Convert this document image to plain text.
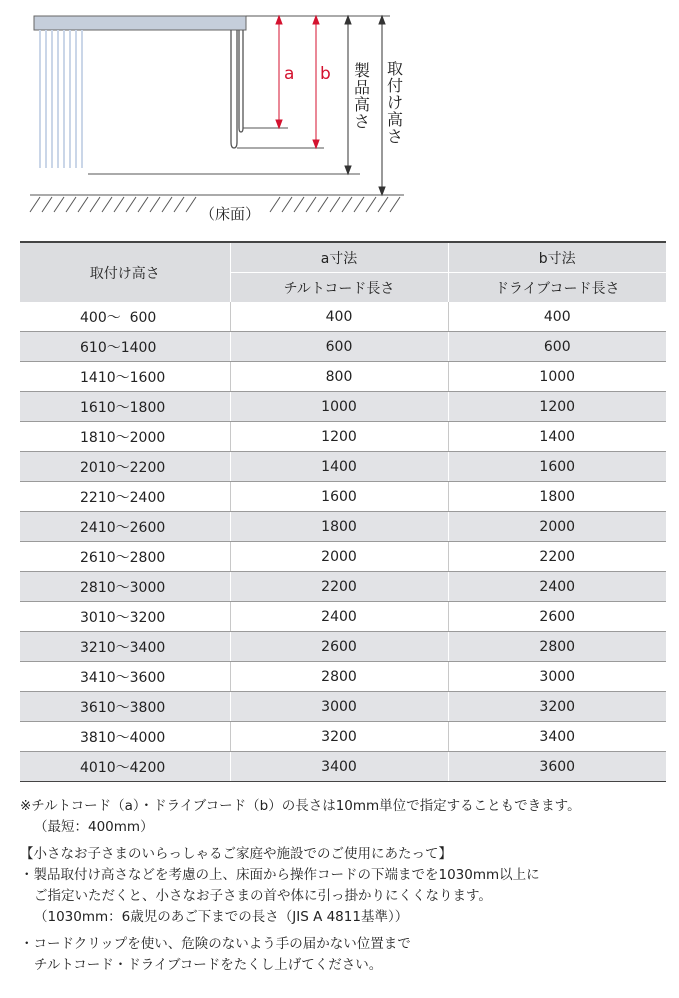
a b 製品高さ
取付け高さ
（床面）
取付け高さ	a寸法	b寸法
	チルトコード長さ	ドライブコード長さ
400～  600	400	400
610～1400	600	600
1410～1600	800	1000
1610～1800	1000	1200
1810～2000	1200	1400
2010～2200	1400	1600
2210～2400	1600	1800
2410～2600	1800	2000
2610～2800	2000	2200
2810～3000	2200	2400
3010～3200	2400	2600
3210～3400	2600	2800
3410～3600	2800	3000
3610～3800	3000	3200
3810～4000	3200	3400
4010～4200	3400	3600

※チルトコード（a）・ドライブコード（b）の長さは10mm単位で指定することもできます。

（最短：400mm）

【小さなお子さまのいらっしゃるご家庭や施設でのご使用にあたって】

・製品取付け高さなどを考慮の上、床面から操作コードの下端までを1030mm以上に

ご指定いただくと、小さなお子さまの首や体に引っ掛かりにくくなります。

（1030mm：6歳児のあご下までの長さ（JIS A 4811基準））

・コードクリップを使い、危険のないよう手の届かない位置まで

チルトコード・ドライブコードをたくし上げてください。
